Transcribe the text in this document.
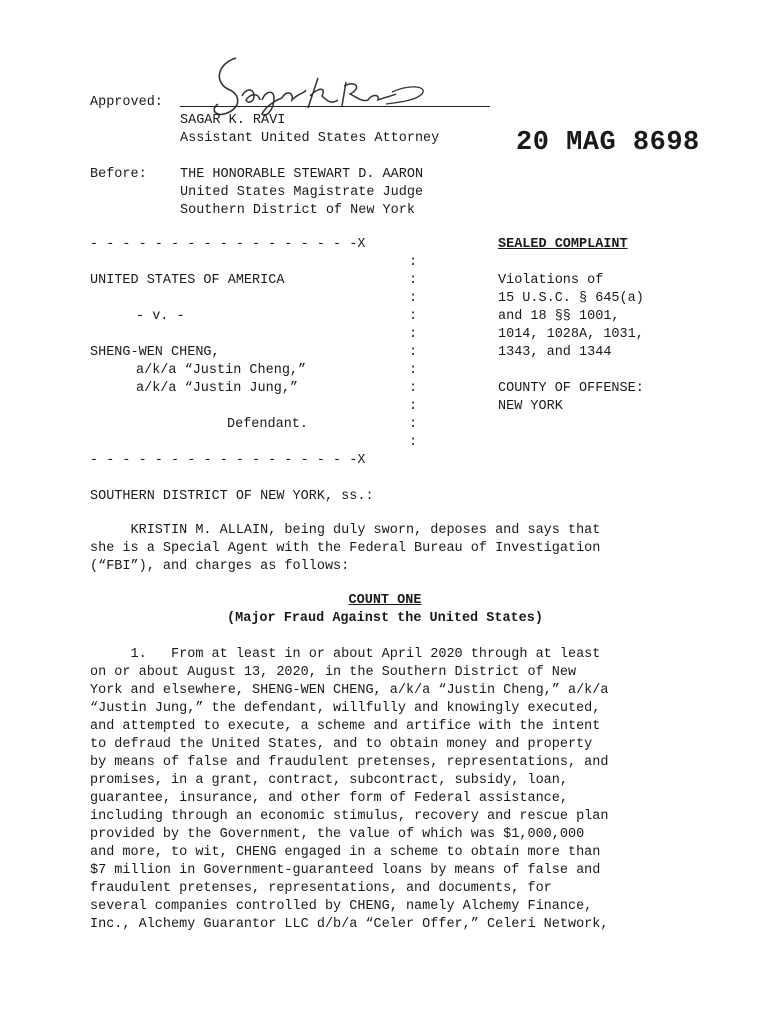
Approved:
SAGAR K. RAVI
Assistant United States Attorney	20 MAG 8698
Before: THE HONORABLE STEWART D. AARON
United States Magistrate Judge
Southern District of New York
- - - - - - - - - - - - - - - - -X
- - - - - - - - - - - - - - - - -X
:
:
:
:
:
:
:
:
:
:
:
UNITED STATES OF AMERICA
- v. -
SHENG-WEN CHENG,
a/k/a “Justin Cheng,”
a/k/a “Justin Jung,”
Defendant.
SEALED COMPLAINT
Violations of
15 U.S.C. § 645(a)
and 18 §§ 1001,
1014, 1028A, 1031,
1343, and 1344
COUNTY OF OFFENSE:
NEW YORK
SOUTHERN DISTRICT OF NEW YORK, ss.:
KRISTIN M. ALLAIN, being duly sworn, deposes and says that
she is a Special Agent with the Federal Bureau of Investigation
(“FBI”), and charges as follows:
COUNT ONE
(Major Fraud Against the United States)
1.   From at least in or about April 2020 through at least
on or about August 13, 2020, in the Southern District of New
York and elsewhere, SHENG-WEN CHENG, a/k/a “Justin Cheng,” a/k/a
“Justin Jung,” the defendant, willfully and knowingly executed,
and attempted to execute, a scheme and artifice with the intent
to defraud the United States, and to obtain money and property
by means of false and fraudulent pretenses, representations, and
promises, in a grant, contract, subcontract, subsidy, loan,
guarantee, insurance, and other form of Federal assistance,
including through an economic stimulus, recovery and rescue plan
provided by the Government, the value of which was $1,000,000
and more, to wit, CHENG engaged in a scheme to obtain more than
$7 million in Government-guaranteed loans by means of false and
fraudulent pretenses, representations, and documents, for
several companies controlled by CHENG, namely Alchemy Finance,
Inc., Alchemy Guarantor LLC d/b/a “Celer Offer,” Celeri Network,
